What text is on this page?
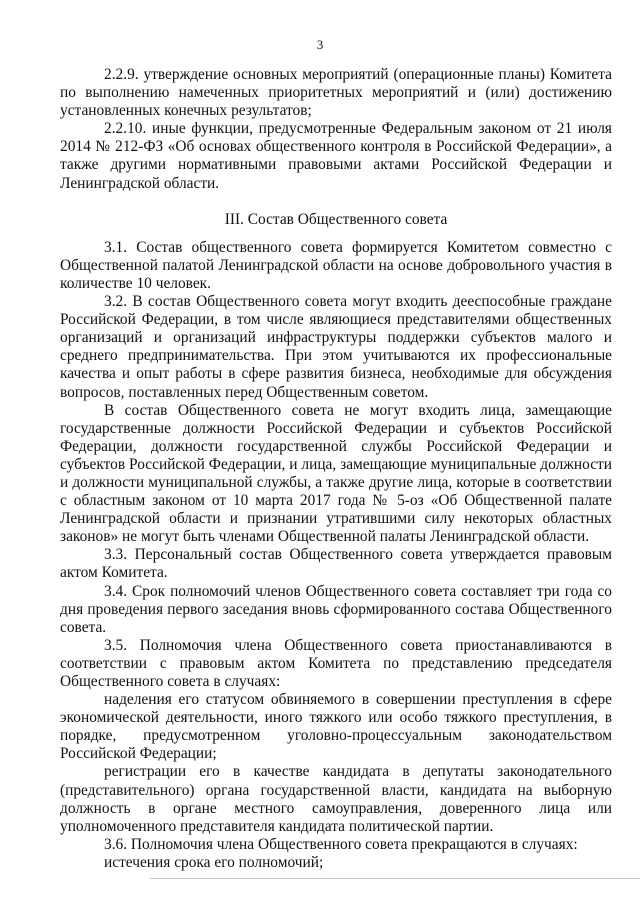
3

2.2.9. утверждение основных мероприятий (операционные планы) Комитета по выполнению намеченных приоритетных мероприятий и (или) достижению установленных конечных результатов;

2.2.10. иные функции, предусмотренные Федеральным законом от 21 июля 2014 № 212-ФЗ «Об основах общественного контроля в Российской Федерации», а также другими нормативными правовыми актами Российской Федерации и Ленинградской области.

III. Состав Общественного совета

3.1. Состав общественного совета формируется Комитетом совместно с Общественной палатой Ленинградской области на основе добровольного участия в количестве 10 человек.

3.2. В состав Общественного совета могут входить дееспособные граждане Российской Федерации, в том числе являющиеся представителями общественных организаций и организаций инфраструктуры поддержки субъектов малого и среднего предпринимательства. При этом учитываются их профессиональные качества и опыт работы в сфере развития бизнеса, необходимые для обсуждения вопросов, поставленных перед Общественным советом.

В состав Общественного совета не могут входить лица, замещающие государственные должности Российской Федерации и субъектов Российской Федерации, должности государственной службы Российской Федерации и субъектов Российской Федерации, и лица, замещающие муниципальные должности и должности муниципальной службы, а также другие лица, которые в соответствии с областным законом от 10 марта 2017 года № 5-оз «Об Общественной палате Ленинградской области и признании утратившими силу некоторых областных законов» не могут быть членами Общественной палаты Ленинградской области.

3.3. Персональный состав Общественного совета утверждается правовым актом Комитета.

3.4. Срок полномочий членов Общественного совета составляет три года со дня проведения первого заседания вновь сформированного состава Общественного совета.

3.5. Полномочия члена Общественного совета приостанавливаются в соответствии с правовым актом Комитета по представлению председателя Общественного совета в случаях:

наделения его статусом обвиняемого в совершении преступления в сфере экономической деятельности, иного тяжкого или особо тяжкого преступления, в порядке, предусмотренном уголовно-процессуальным законодательством Российской Федерации;

регистрации его в качестве кандидата в депутаты законодательного (представительного) органа государственной власти, кандидата на выборную должность в органе местного самоуправления, доверенного лица или уполномоченного представителя кандидата политической партии.

3.6. Полномочия члена Общественного совета прекращаются в случаях:

истечения срока его полномочий;
